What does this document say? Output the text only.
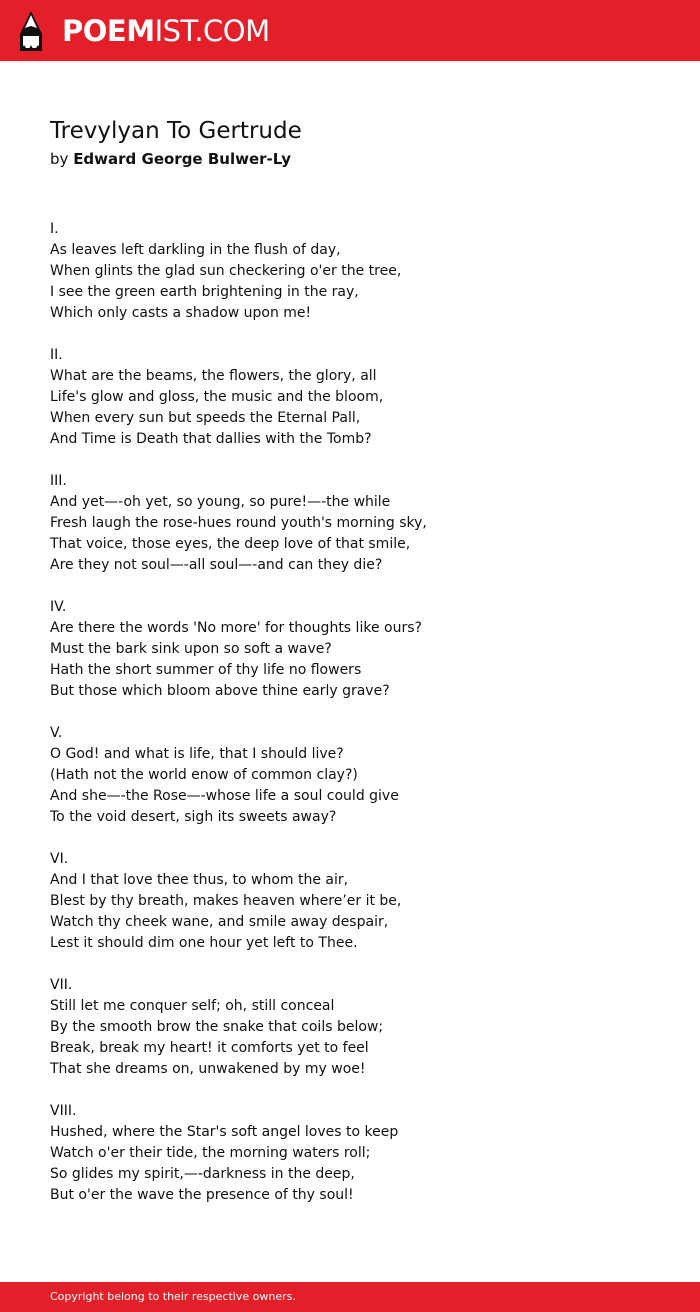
POEMIST.COM
Trevylyan To Gertrude
by Edward George Bulwer-Ly
I.
As leaves left darkling in the flush of day,
When glints the glad sun checkering o'er the tree,
I see the green earth brightening in the ray,
Which only casts a shadow upon me!
II.
What are the beams, the flowers, the glory, all
Life's glow and gloss, the music and the bloom,
When every sun but speeds the Eternal Pall,
And Time is Death that dallies with the Tomb?
III.
And yet—-oh yet, so young, so pure!—-the while
Fresh laugh the rose-hues round youth's morning sky,
That voice, those eyes, the deep love of that smile,
Are they not soul—-all soul—-and can they die?
IV.
Are there the words 'No more' for thoughts like ours?
Must the bark sink upon so soft a wave?
Hath the short summer of thy life no flowers
But those which bloom above thine early grave?
V.
O God! and what is life, that I should live?
(Hath not the world enow of common clay?)
And she—-the Rose—-whose life a soul could give
To the void desert, sigh its sweets away?
VI.
And I that love thee thus, to whom the air,
Blest by thy breath, makes heaven where’er it be,
Watch thy cheek wane, and smile away despair,
Lest it should dim one hour yet left to Thee.
VII.
Still let me conquer self; oh, still conceal
By the smooth brow the snake that coils below;
Break, break my heart! it comforts yet to feel
That she dreams on, unwakened by my woe!
VIII.
Hushed, where the Star's soft angel loves to keep
Watch o'er their tide, the morning waters roll;
So glides my spirit,—-darkness in the deep,
But o'er the wave the presence of thy soul!
Copyright belong to their respective owners.
